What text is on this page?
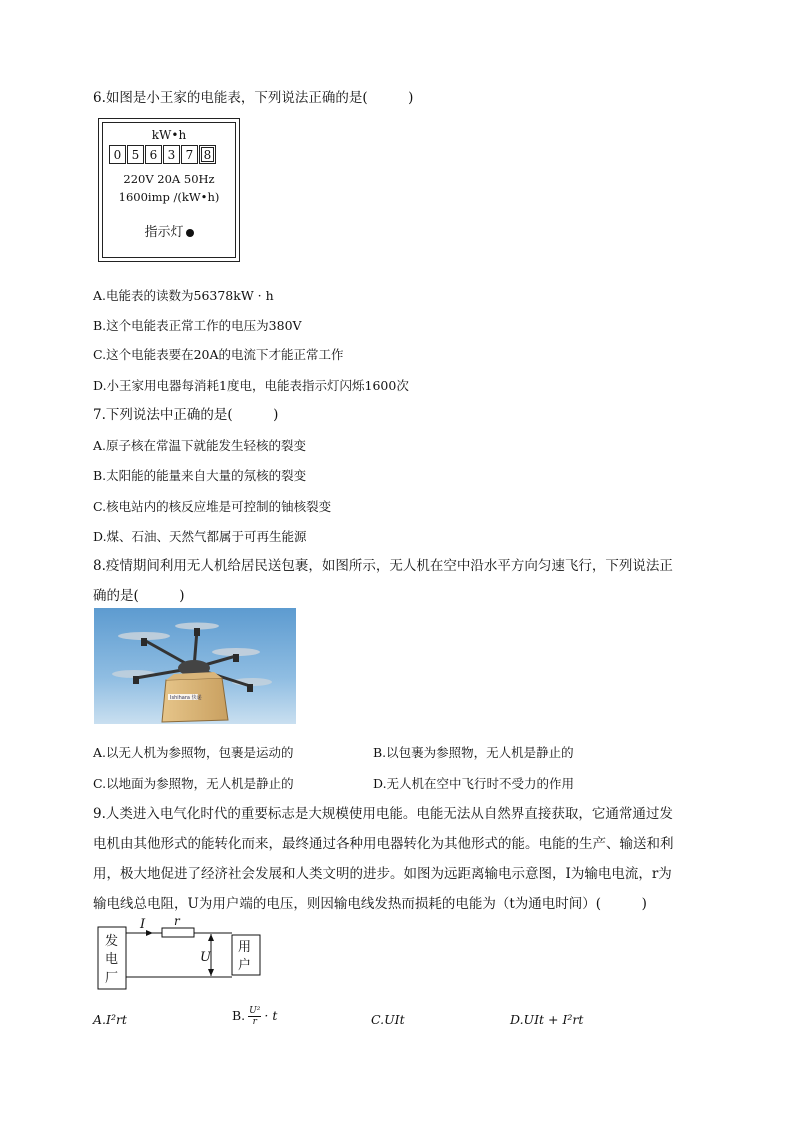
6.如图是小王家的电能表，下列说法正确的是(　　　)
kW•h
0 5 6 3 7 8
220V 20A 50Hz
1600imp /(kW•h)
指示灯
A.电能表的读数为56378kW · h
B.这个电能表正常工作的电压为380V
C.这个电能表要在20A的电流下才能正常工作
D.小王家用电器每消耗1度电，电能表指示灯闪烁1600次
7.下列说法中正确的是(　　　)
A.原子核在常温下就能发生轻核的裂变
B.太阳能的能量来自大量的氖核的裂变
C.核电站内的核反应堆是可控制的铀核裂变
D.煤、石油、天然气都属于可再生能源
8.疫情期间利用无人机给居民送包裹，如图所示，无人机在空中沿水平方向匀速飞行，下列说法正
确的是(　　　)
Ishihara 快递
A.以无人机为参照物，包裹是运动的	B.以包裹为参照物，无人机是静止的
C.以地面为参照物，无人机是静止的	D.无人机在空中飞行时不受力的作用
9.人类进入电气化时代的重要标志是大规模使用电能。电能无法从自然界直接获取，它通常通过发
电机由其他形式的能转化而来，最终通过各种用电器转化为其他形式的能。电能的生产、输送和利
用，极大地促进了经济社会发展和人类文明的进步。如图为远距离输电示意图，I为输电电流，r为
输电线总电阻，U为用户端的电压，则因输电线发热而损耗的电能为（t为通电时间）(　　　)
发
电
厂
I r
U
用
户
A.I²rt	B. $\frac{\text{U²}}{r} \cdot t$	C.UIt	D.UIt + I²rt
